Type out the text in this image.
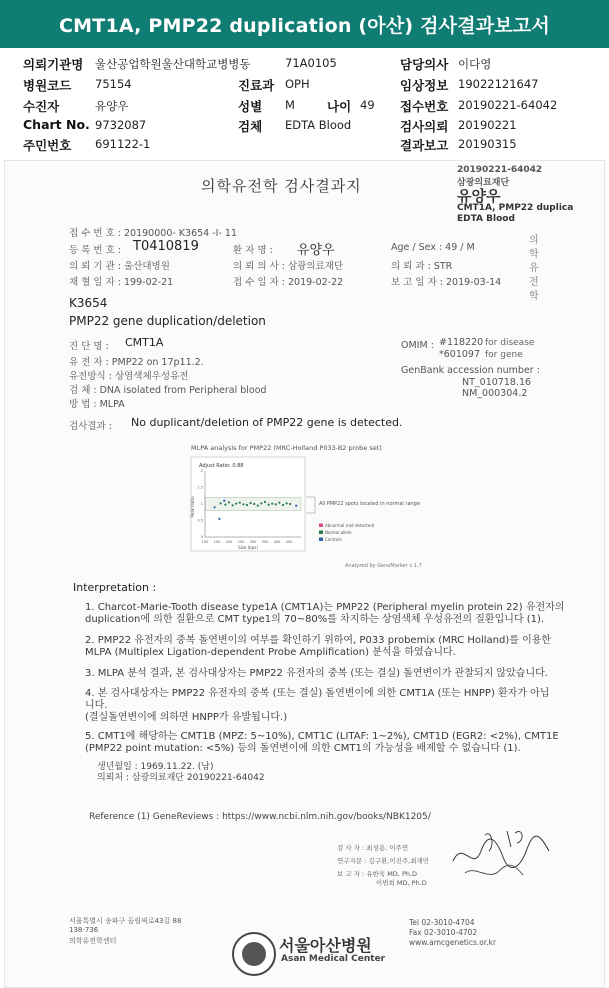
CMT1A, PMP22 duplication (아산) 검사결과보고서
의뢰기관명 울산공업학원울산대학교병병동	71A0105	담당의사 이다영
병원코드 75154	진료과 OPH	임상정보 19022121647
수진자	유양우	성별 M	나이 49 접수번호 20190221-64042
Chart No. 9732087	검체 EDTA Blood	검사의뢰 20190221
주민번호 691122-1	결과보고 20190315
20190221-64042
삼광의료재단
유양우
CMT1A, PMP22 duplica
EDTA Blood
의학유전학 검사결과지
의
학
유
전
학
접 수 번 호 : 20190000- K3654 -I- 11
등 록 번 호 : T0410819	환 자 명 : 유양우	Age / Sex : 49 / M
의 뢰 기 관 : 울산대병원	의 뢰 의 사 : 삼광의료재단	의 뢰 과 : STR
채 혈 일 자 : 199-02-21	접 수 일 자 : 2019-02-22	보 고 일 자 : 2019-03-14
K3654
PMP22 gene duplication/deletion
진 단 명 : CMT1A
유 전 자 : PMP22 on 17p11.2.
유전방식 : 상염색체우성유전
검 체 : DNA isolated from Peripheral blood
방 법 : MLPA
OMIM : #118220 for disease
*601097 for gene
GenBank accession number :
NT_010718.16
NM_000304.2
검사결과 : No duplicant/deletion of PMP22 gene is detected.
MLPA analysis for PMP22 (MRC-Holland P033-B2 probe set)
Adjust Ratio: 0.88
Peak Ratio
Size (bps)
100 150 200 250 300 350 400 450
0
0.5
1
1.5
2
All PMP22 spots located in normal range
Abnormal (not detected)
Normal allele
Controls
Analyzed by GeneMarker v 1.7
Interpretation :
1. Charcot-Marie-Tooth disease type1A (CMT1A)는 PMP22 (Peripheral myelin protein 22) 유전자의
duplication에 의한 질환으로 CMT type1의 70~80%를 차지하는 상염색체 우성유전의 질환입니다 (1).
2. PMP22 유전자의 중복 돌연변이의 여부를 확인하기 위하여, P033 probemix (MRC Holland)를 이용한
MLPA (Multiplex Ligation-dependent Probe Amplification) 분석을 하였습니다.
3. MLPA 분석 결과, 본 검사대상자는 PMP22 유전자의 중복 (또는 결실) 돌연변이가 관찰되지 않았습니다.
4. 본 검사대상자는 PMP22 유전자의 중복 (또는 결실) 돌연변이에 의한 CMT1A (또는 HNPP) 환자가 아닙
니다.
(결실돌연변이에 의하면 HNPP가 유발됩니다.)
5. CMT1에 해당하는 CMT1B (MPZ: 5~10%), CMT1C (LITAF: 1~2%), CMT1D (EGR2: <2%), CMT1E
(PMP22 point mutation: <5%) 등의 돌연변이에 의한 CMT1의 가능성을 배제할 수 없습니다 (1).
생년월일 : 1969.11.22. (남)
의뢰처 : 삼광의료재단 20190221-64042
Reference (1) GeneReviews : https://www.ncbi.nlm.nih.gov/books/NBK1205/
검 사 자 : 최성용, 이주연
연구자문 : 김구환,이진주,최재민
보 고 자 : 유한욱 MD, Ph.D
이범희 MD, Ph.D
서울특별시 송파구 올림픽로43길 88
138-736
의학유전학센터
Tel 02-3010-4704
Fax 02-3010-4702
www.amcgenetics.or.kr
서울아산병원
Asan Medical Center
